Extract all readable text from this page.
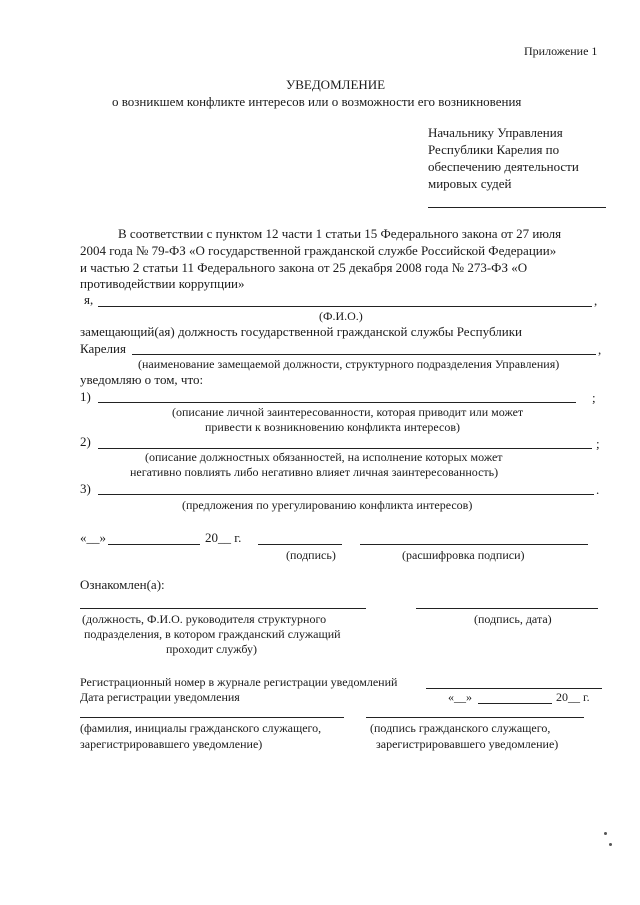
Приложение 1
УВЕДОМЛЕНИЕ
о возникшем конфликте интересов или о возможности его возникновения
Начальнику Управления
Республики Карелия по
обеспечению деятельности
мировых судей
В соответствии с пунктом 12 части 1 статьи 15 Федерального закона от 27 июля
2004 года № 79-ФЗ «О государственной гражданской службе Российской Федерации»
и частью 2 статьи 11 Федерального закона от 25 декабря 2008 года № 273-ФЗ «О
противодействии коррупции»
я,	,
(Ф.И.О.)
замещающий(ая) должность государственной гражданской службы Республики
Карелия	,
(наименование замещаемой должности, структурного подразделения Управления)
уведомляю о том, что:
1)	;
(описание личной заинтересованности, которая приводит или может
привести к возникновению конфликта интересов)
2)	;
(описание должностных обязанностей, на исполнение которых может
негативно повлиять либо негативно влияет личная заинтересованность)
3)	.
(предложения по урегулированию конфликта интересов)
«__»	20__ г.
(подпись)	(расшифровка подписи)
Ознакомлен(а):
(должность, Ф.И.О. руководителя структурного
подразделения, в котором гражданский служащий
проходит службу)
(подпись, дата)
Регистрационный номер в журнале регистрации уведомлений
Дата регистрации уведомления	«__»	20__ г.
(фамилия, инициалы гражданского служащего,
зарегистрировавшего уведомление)
(подпись гражданского служащего,
зарегистрировавшего уведомление)
